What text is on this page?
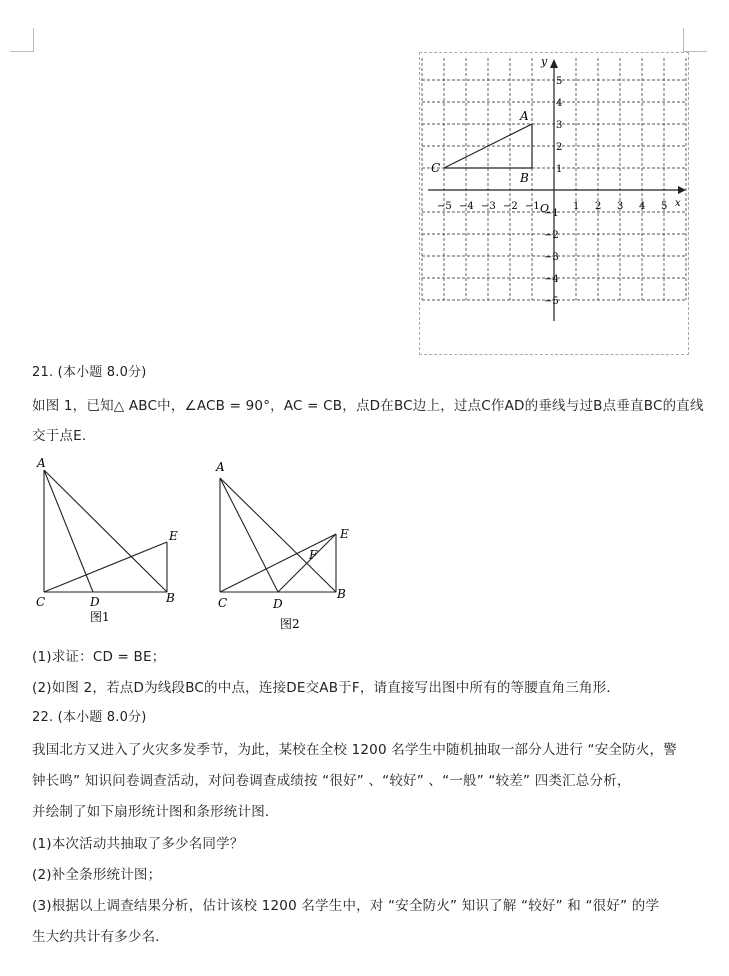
x
y
O
−5 −4 −3 −2 −1	1 2 3 4 5
5
4
3
2
1
−1
−2
−3
−4
−5
A
B
C
21. (本小题 8.0分)
如图 1，已知△ ABC中，∠ACB = 90°，AC = CB，点D在BC边上，过点C作AD的垂线与过B点垂直BC的直线
交于点E．
A
E
C	D	B
图1
A
E
F
C	D
B
图2
(1)求证：CD = BE；
(2)如图 2，若点D为线段BC的中点，连接DE交AB于F，请直接写出图中所有的等腰直角三角形．
22. (本小题 8.0分)
我国北方又进入了火灾多发季节，为此，某校在全校 1200 名学生中随机抽取一部分人进行 “安全防火，警
钟长鸣” 知识问卷调查活动，对问卷调查成绩按 “很好” 、“较好” 、“一般” “较差” 四类汇总分析，
并绘制了如下扇形统计图和条形统计图．
(1)本次活动共抽取了多少名同学？
(2)补全条形统计图；
(3)根据以上调查结果分析，估计该校 1200 名学生中，对 “安全防火” 知识了解 “较好” 和 “很好” 的学
生大约共计有多少名．
